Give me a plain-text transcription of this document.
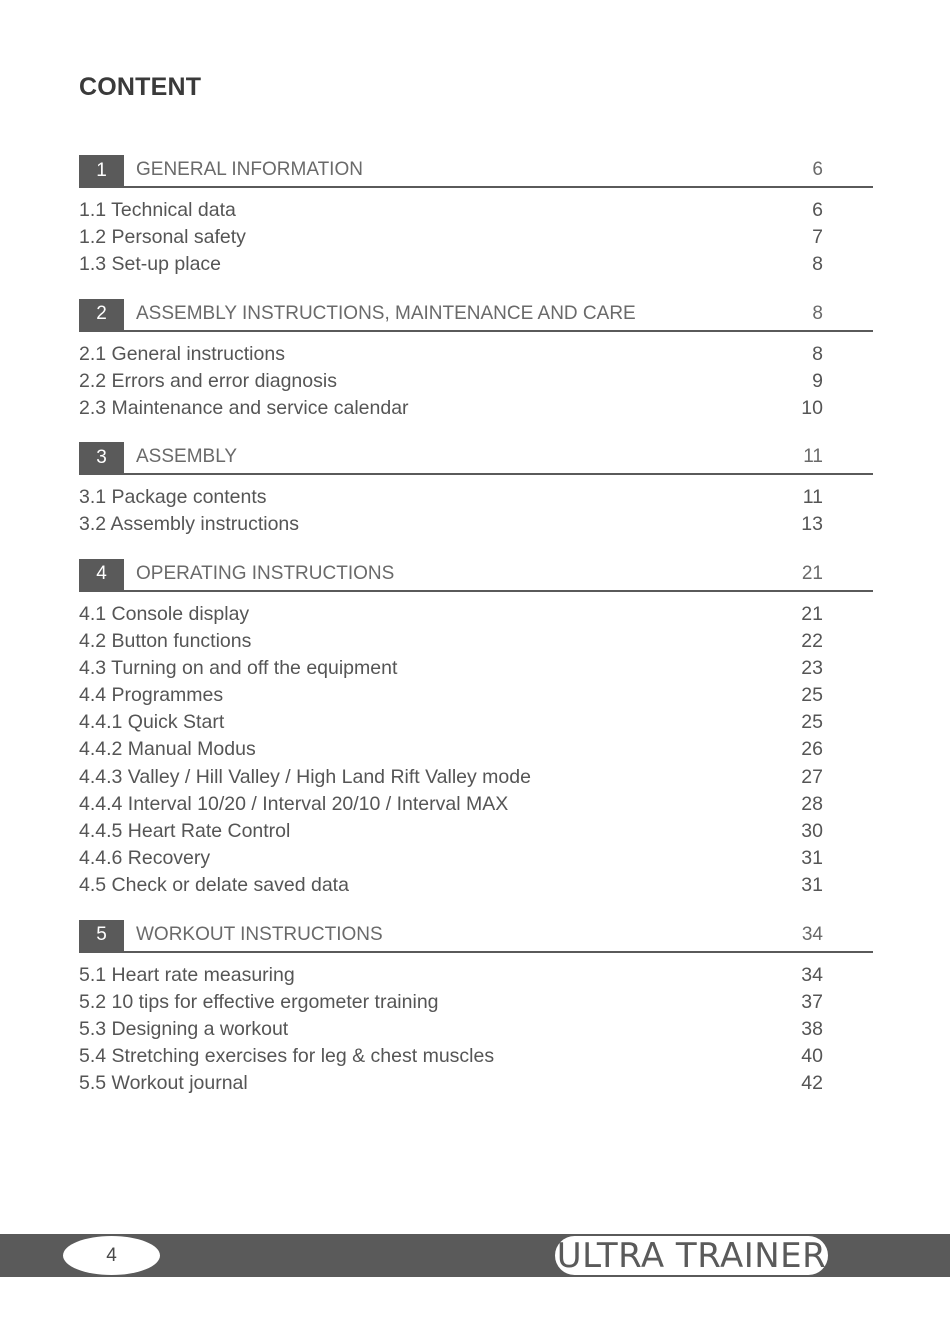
CONTENT
1	GENERAL INFORMATION	6
1.1 Technical data	6
1.2 Personal safety	7
1.3 Set-up place	8
2	ASSEMBLY INSTRUCTIONS, MAINTENANCE AND CARE	8
2.1 General instructions	8
2.2 Errors and error diagnosis	9
2.3 Maintenance and service calendar	10
3	ASSEMBLY	11
3.1 Package contents	11
3.2 Assembly instructions	13
4	OPERATING INSTRUCTIONS	21
4.1 Console display	21
4.2 Button functions	22
4.3 Turning on and off the equipment	23
4.4 Programmes	25
4.4.1 Quick Start	25
4.4.2 Manual Modus	26
4.4.3 Valley / Hill Valley / High Land Rift Valley mode	27
4.4.4 Interval 10/20 / Interval 20/10 / Interval MAX	28
4.4.5 Heart Rate Control	30
4.4.6 Recovery	31
4.5 Check or delate saved data	31
5	WORKOUT INSTRUCTIONS	34
5.1 Heart rate measuring	34
5.2 10 tips for effective ergometer training	37
5.3 Designing a workout	38
5.4 Stretching exercises for leg & chest muscles	40
5.5 Workout journal	42
4	ULTRA TRAINER
